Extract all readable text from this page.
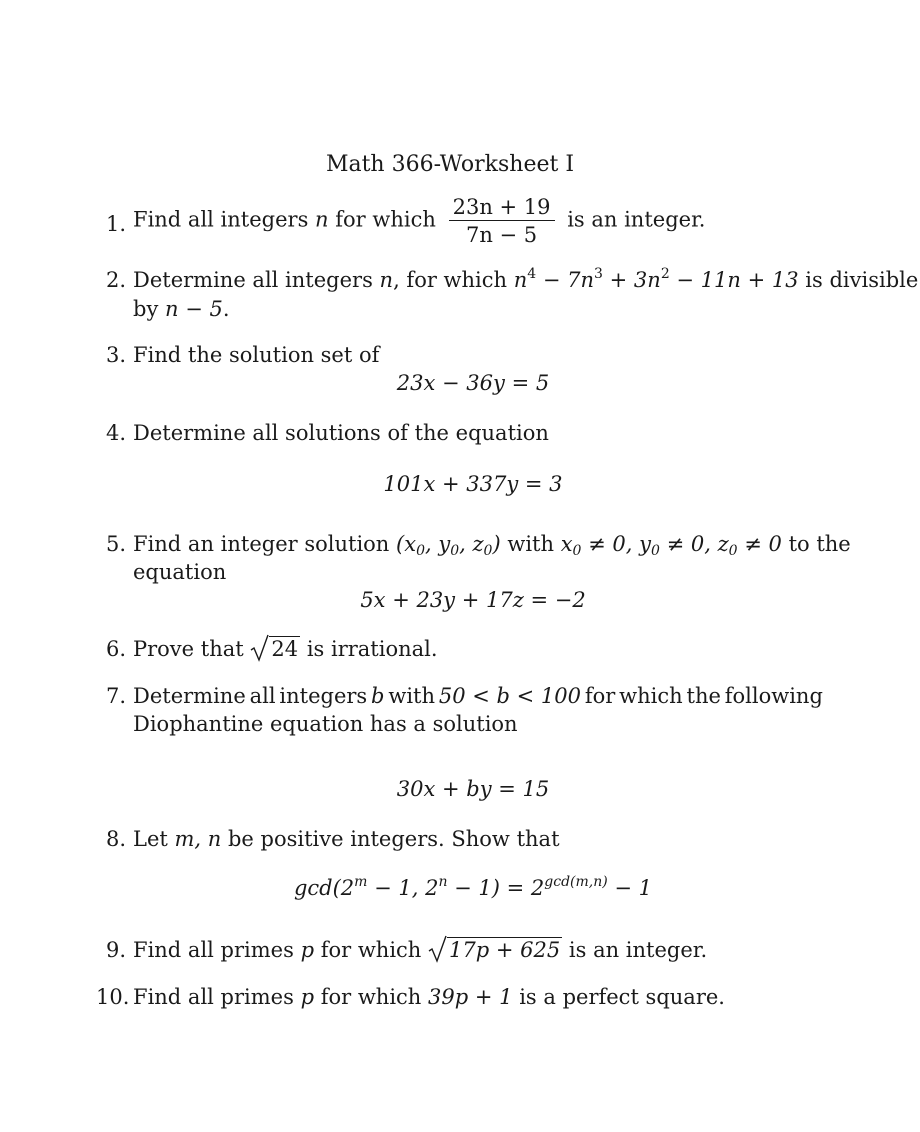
Math 366-Worksheet I
1. Find all integers n for which $\frac{23n + 19}{7n - 5}$ is an integer.
2. Determine all integers n, for which $n^4 - 7n^3 + 3n^2 - 11n + 13$ is divisible
by n − 5.
3. Find the solution set of
23x − 36y = 5
4. Determine all solutions of the equation
101x + 337y = 3
5. Find an integer solution ($x_0$, $y_0$, $z_0$) with $x_0 \ne 0$, $y_0 \ne 0$, $z_0 \ne 0$ to the
equation
5x + 23y + 17z = −2
6. Prove that 24 is irrational.
7. Determine all integers b with 50 < b < 100 for which the following
Diophantine equation has a solution
30x + by = 15
8. Let m, n be positive integers. Show that
$\gcd(2^m - 1$, $2^n - 1) = 2^{gcd(m,n)} - 1$
9. Find all primes p for which 17p + 625 is an integer.
10. Find all primes p for which 39p + 1 is a perfect square.
